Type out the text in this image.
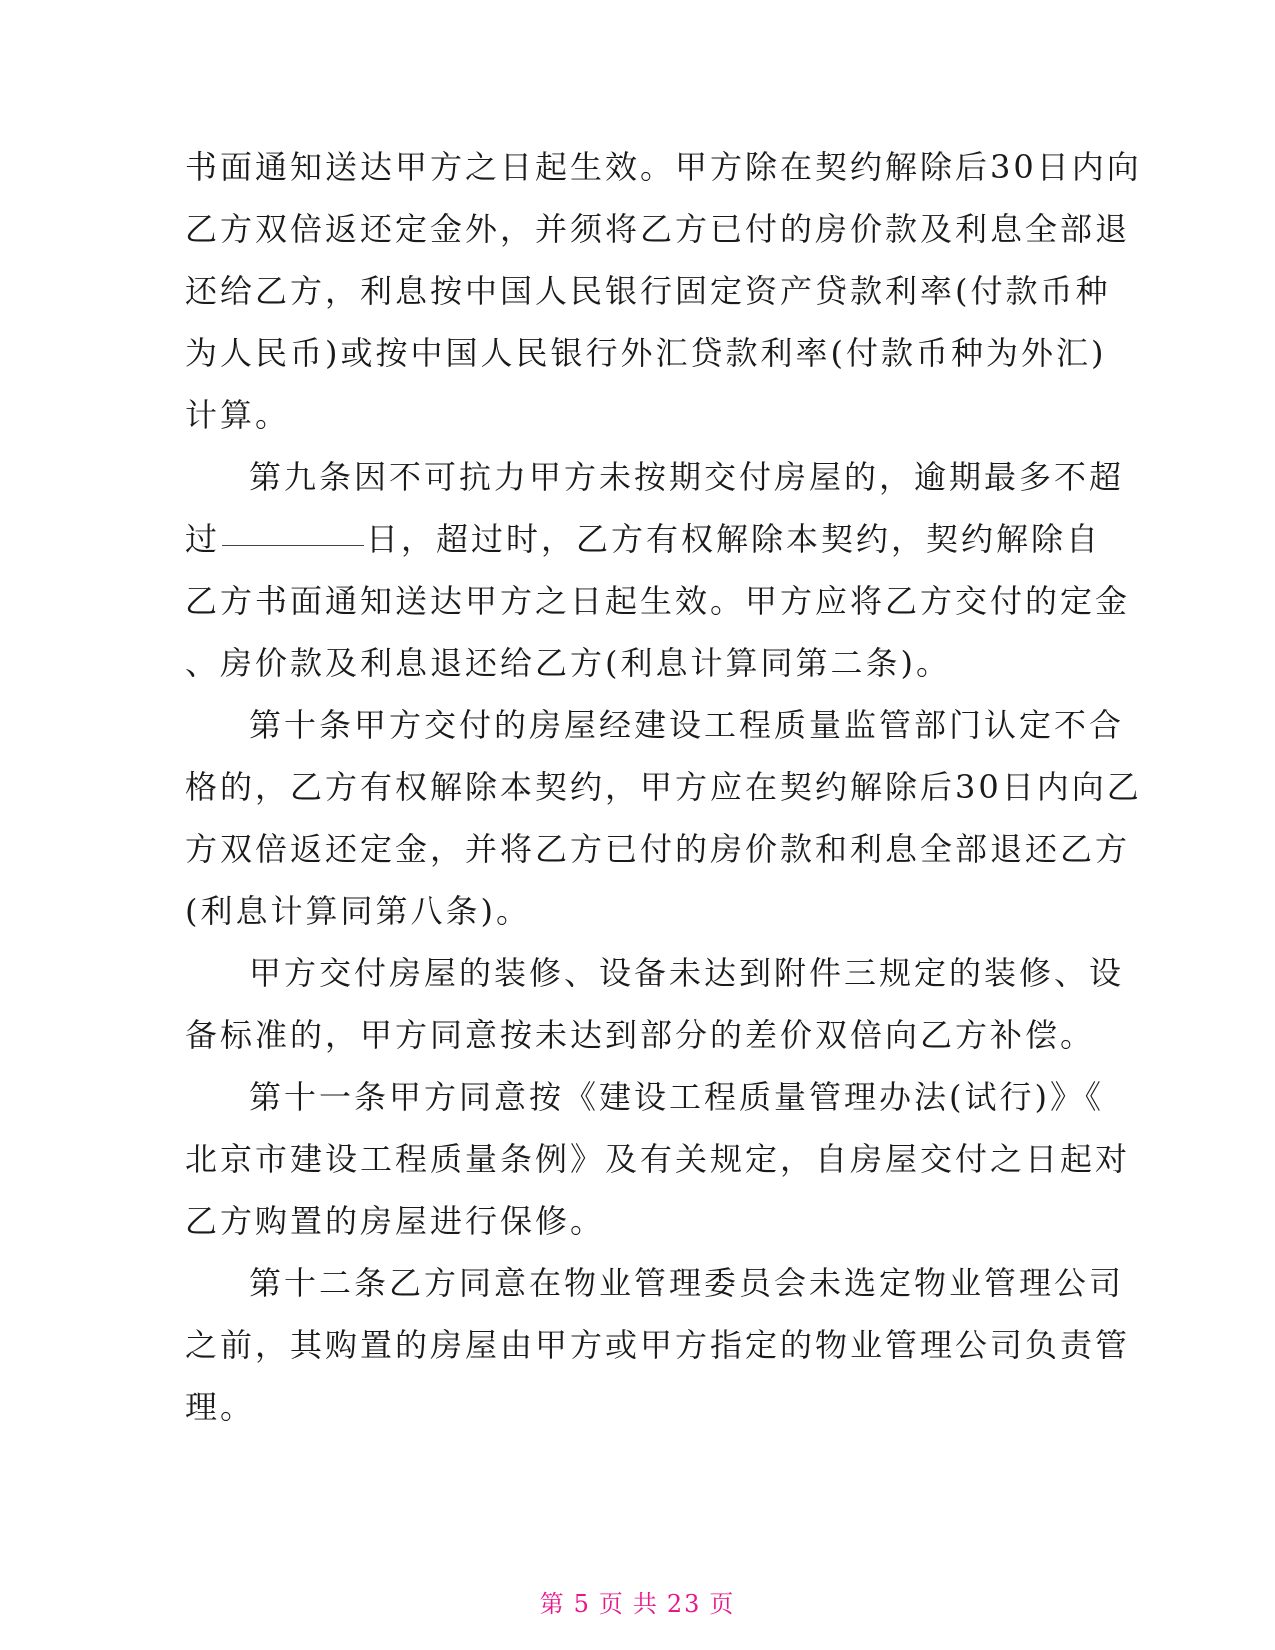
书面通知送达甲方之日起生效。甲方除在契约解除后30日内向
乙方双倍返还定金外，并须将乙方已付的房价款及利息全部退
还给乙方，利息按中国人民银行固定资产贷款利率(付款币种
为人民币)或按中国人民银行外汇贷款利率(付款币种为外汇)
计算。
第九条因不可抗力甲方未按期交付房屋的，逾期最多不超
过	日，超过时，乙方有权解除本契约，契约解除自
乙方书面通知送达甲方之日起生效。甲方应将乙方交付的定金
、房价款及利息退还给乙方(利息计算同第二条)。
第十条甲方交付的房屋经建设工程质量监管部门认定不合
格的，乙方有权解除本契约，甲方应在契约解除后30日内向乙
方双倍返还定金，并将乙方已付的房价款和利息全部退还乙方
(利息计算同第八条)。
甲方交付房屋的装修、设备未达到附件三规定的装修、设
备标准的，甲方同意按未达到部分的差价双倍向乙方补偿。
第十一条甲方同意按《建设工程质量管理办法(试行)》《
北京市建设工程质量条例》及有关规定，自房屋交付之日起对
乙方购置的房屋进行保修。
第十二条乙方同意在物业管理委员会未选定物业管理公司
之前，其购置的房屋由甲方或甲方指定的物业管理公司负责管
理。
第 5 页 共 23 页
